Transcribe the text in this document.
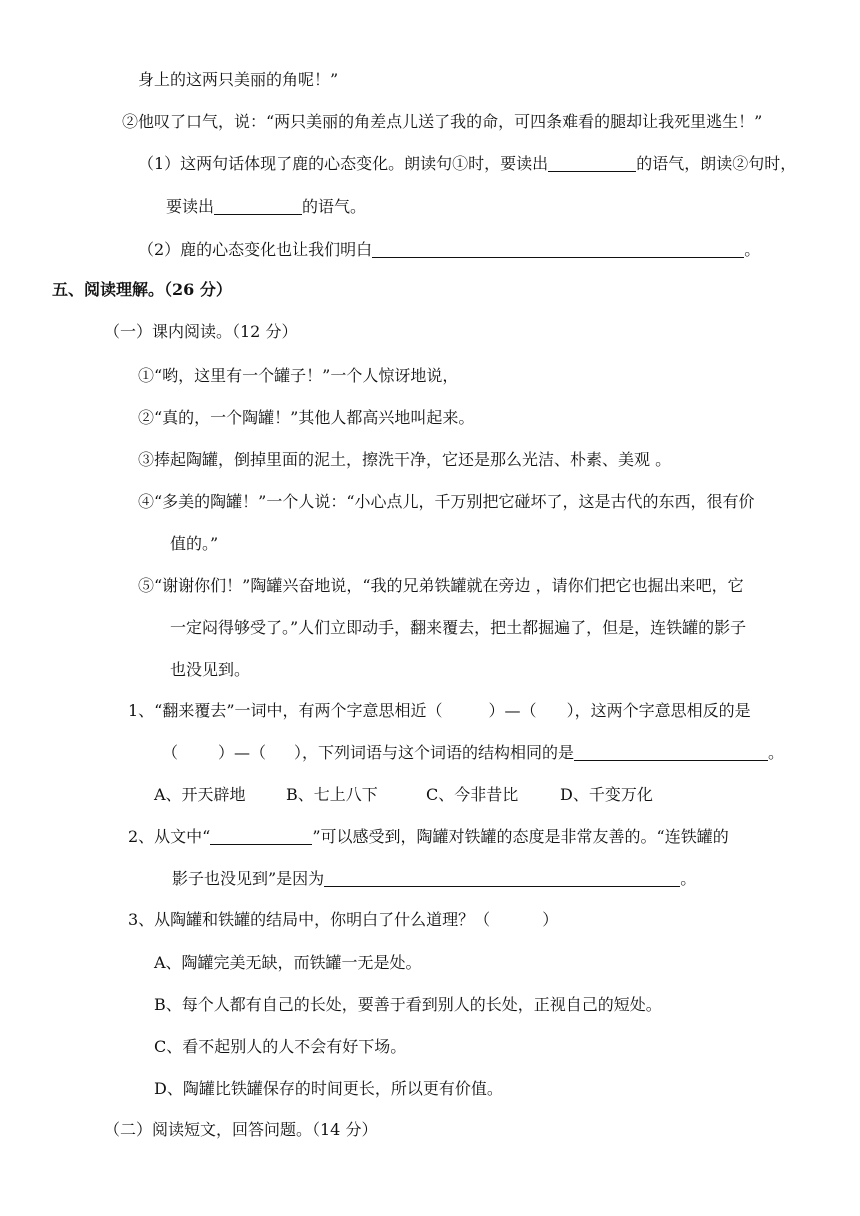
身上的这两只美丽的角呢！”
②他叹了口气，说：“两只美丽的角差点儿送了我的命，可四条难看的腿却让我死里逃生！”
（1）这两句话体现了鹿的心态变化。朗读句①时，要读出	的语气，朗读②句时，
要读出	的语气。
（2）鹿的心态变化也让我们明白	。
五、阅读理解。（26 分）
（一）课内阅读。（12 分）
①“哟，这里有一个罐子！”一个人惊讶地说，
②“真的，一个陶罐！”其他人都高兴地叫起来。
③捧起陶罐，倒掉里面的泥土，擦洗干净，它还是那么光洁、朴素、美观 。
④“多美的陶罐！”一个人说：“小心点儿，千万别把它碰坏了，这是古代的东西，很有价
值的。”
⑤“谢谢你们！”陶罐兴奋地说，“我的兄弟铁罐就在旁边 ，请你们把它也掘出来吧，它
一定闷得够受了。”人们立即动手，翻来覆去，把土都掘遍了，但是，连铁罐的影子
也没见到。
1、“翻来覆去”一词中，有两个字意思相近（	）—（ ），这两个字意思相反的是
（	）—（ ），下列词语与这个词语的结构相同的是	。
A、开天辟地	B、七上八下	C、今非昔比	D、千变万化
2、从文中“	”可以感受到，陶罐对铁罐的态度是非常友善的。“连铁罐的
影子也没见到”是因为	。
3、从陶罐和铁罐的结局中，你明白了什么道理？（	）
A、陶罐完美无缺，而铁罐一无是处。
B、每个人都有自己的长处，要善于看到别人的长处，正视自己的短处。
C、看不起别人的人不会有好下场。
D、陶罐比铁罐保存的时间更长，所以更有价值。
（二）阅读短文，回答问题。（14 分）
